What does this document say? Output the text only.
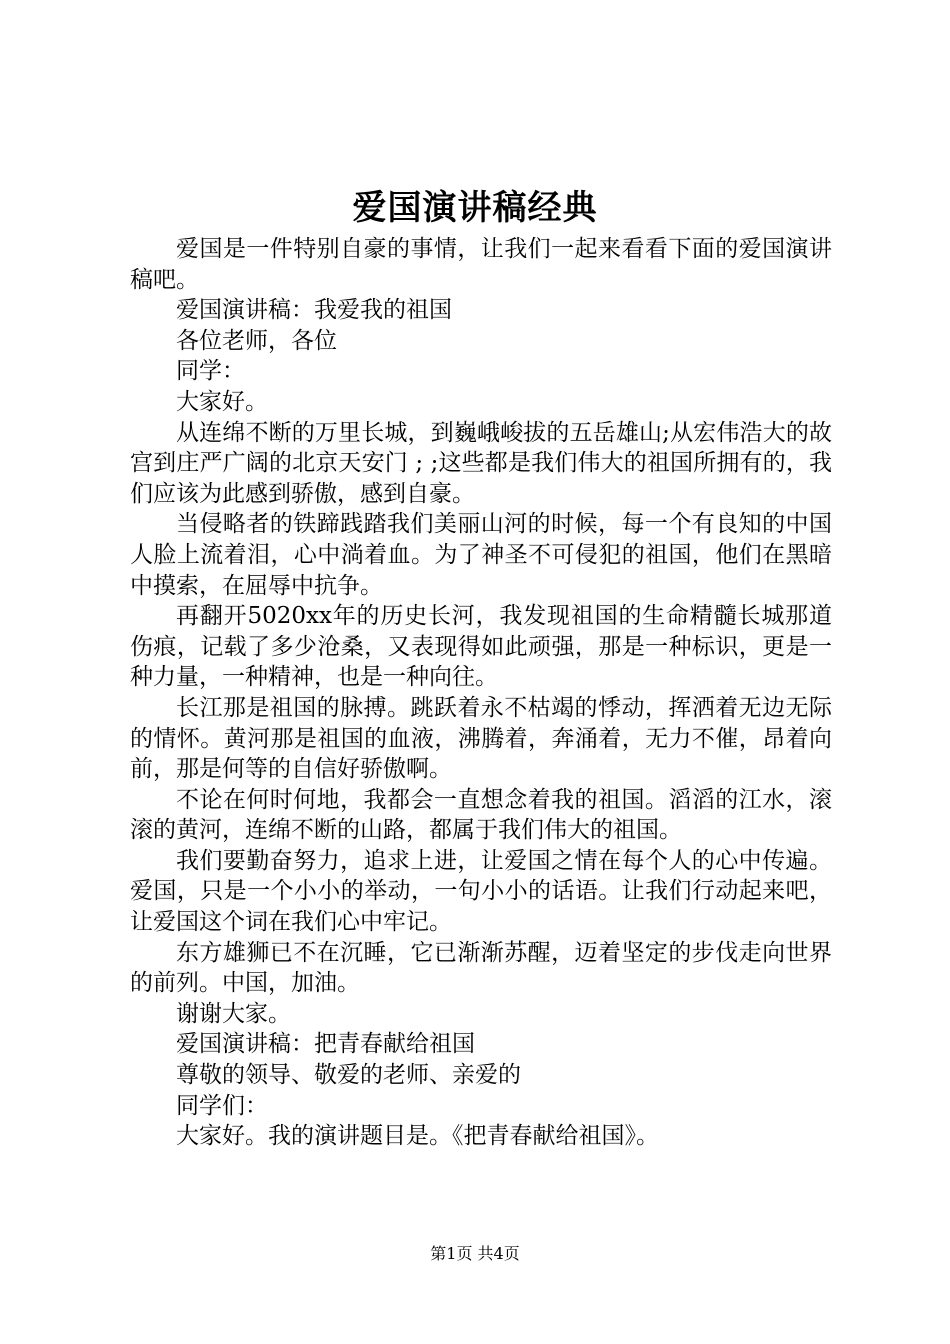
爱国演讲稿经典

爱国是一件特别自豪的事情，让我们一起来看看下面的爱国演讲稿吧。

爱国演讲稿：我爱我的祖国

各位老师，各位

同学：

大家好。

从连绵不断的万里长城，到巍峨峻拔的五岳雄山;从宏伟浩大的故宫到庄严广阔的北京天安门 ; ;这些都是我们伟大的祖国所拥有的，我们应该为此感到骄傲，感到自豪。

当侵略者的铁蹄践踏我们美丽山河的时候，每一个有良知的中国人脸上流着泪，心中淌着血。为了神圣不可侵犯的祖国，他们在黑暗中摸索，在屈辱中抗争。

再翻开5020xx年的历史长河，我发现祖国的生命精髓长城那道伤痕，记载了多少沧桑，又表现得如此顽强，那是一种标识，更是一种力量，一种精神，也是一种向往。

长江那是祖国的脉搏。跳跃着永不枯竭的悸动，挥洒着无边无际的情怀。黄河那是祖国的血液，沸腾着，奔涌着，无力不催，昂着向前，那是何等的自信好骄傲啊。

不论在何时何地，我都会一直想念着我的祖国。滔滔的江水，滚滚的黄河，连绵不断的山路，都属于我们伟大的祖国。

我们要勤奋努力，追求上进，让爱国之情在每个人的心中传遍。爱国，只是一个小小的举动，一句小小的话语。让我们行动起来吧，让爱国这个词在我们心中牢记。

东方雄狮已不在沉睡，它已渐渐苏醒，迈着坚定的步伐走向世界的前列。中国，加油。

谢谢大家。

爱国演讲稿：把青春献给祖国

尊敬的领导、敬爱的老师、亲爱的

同学们：

大家好。我的演讲题目是。《把青春献给祖国》。

第1页 共4页
